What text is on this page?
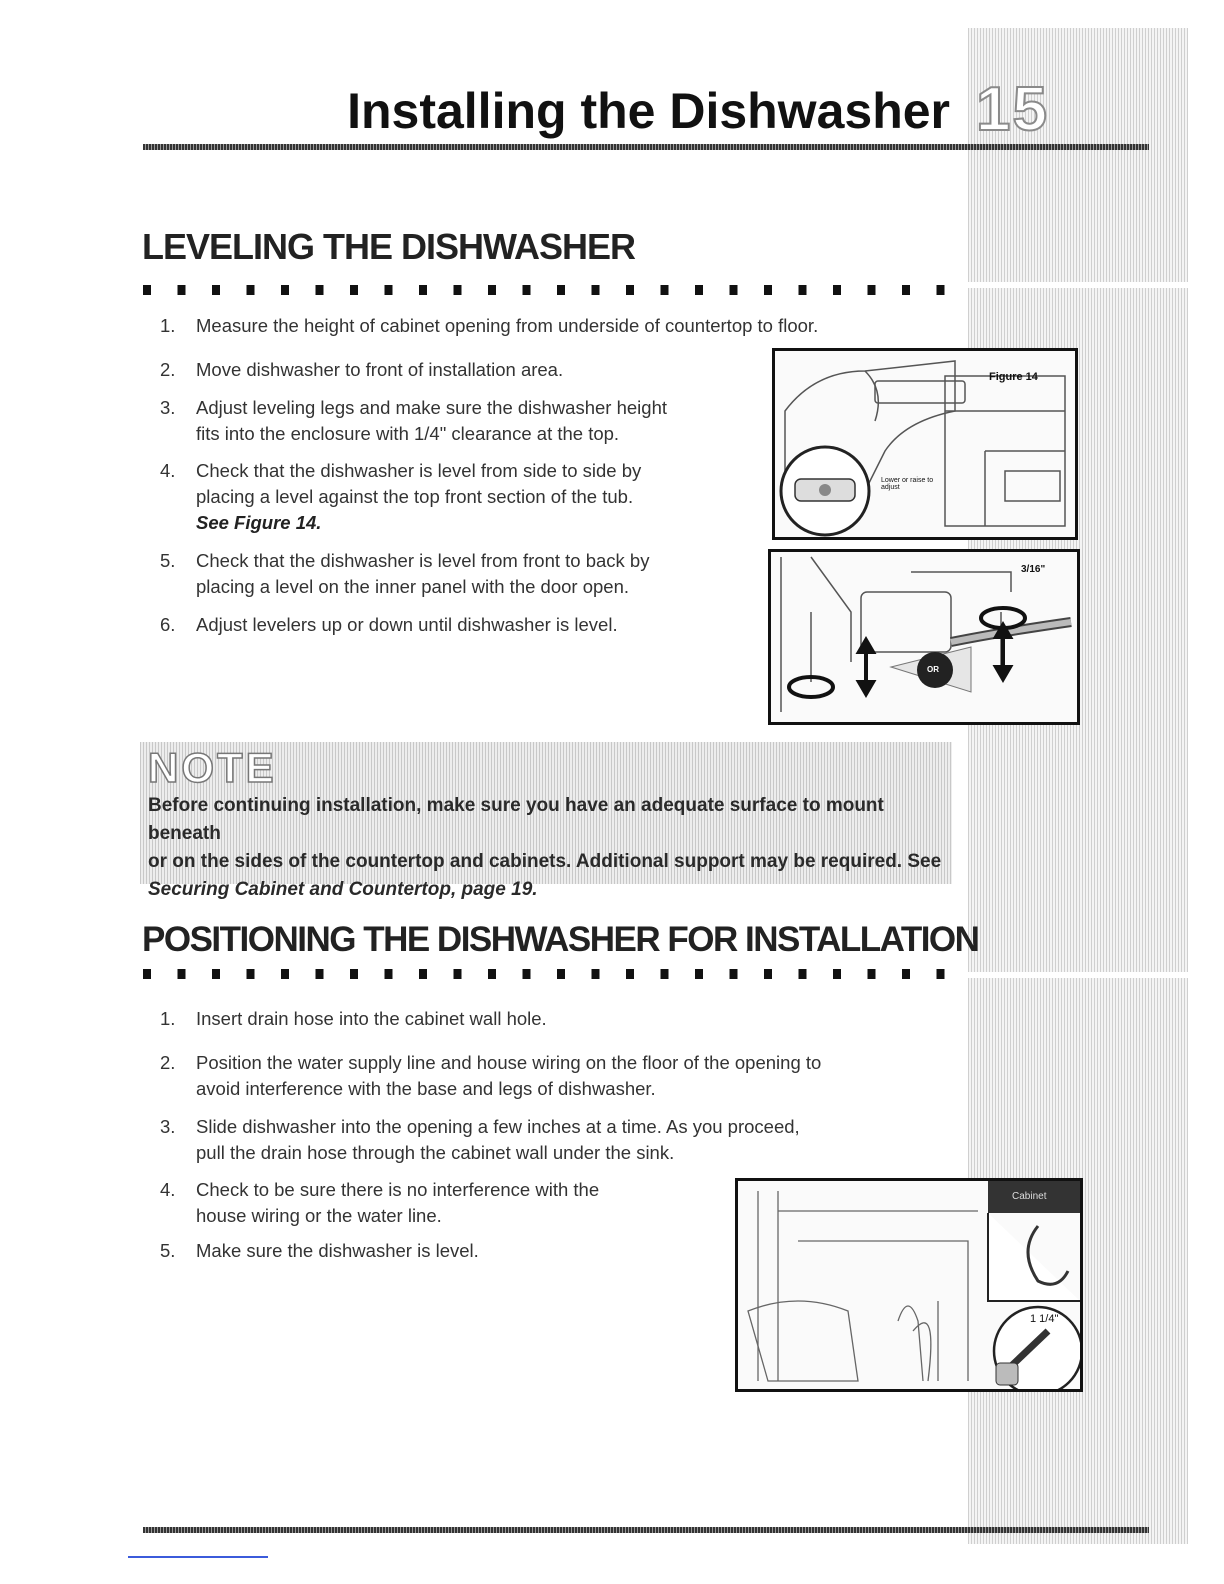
15
Installing the Dishwasher
LEVELING THE DISHWASHER
1.	Measure the height of cabinet opening from underside of countertop to floor.
2.	Move dishwasher to front of installation area.
3.	Adjust leveling legs and make sure the dishwasher height
fits into the enclosure with 1/4" clearance at the top.
4.	Check that the dishwasher is level from side to side by
placing a level against the top front section of the tub.
See Figure 14.
5.	Check that the dishwasher is level from front to back by
placing a level on the inner panel with the door open.
6.	Adjust levelers up or down until dishwasher is level.
Figure 14
Lower or raise to adjust
3/16"
OR
NOTE
Before continuing installation, make sure you have an adequate surface to mount beneath
or on the sides of the countertop and cabinets. Additional support may be required. See
Securing Cabinet and Countertop, page 19.
POSITIONING THE DISHWASHER FOR INSTALLATION
1.	Insert drain hose into the cabinet wall hole.
2.	Position the water supply line and house wiring on the floor of the opening to
avoid interference with the base and legs of dishwasher.
3.	Slide dishwasher into the opening a few inches at a time. As you proceed,
pull the drain hose through the cabinet wall under the sink.
4.	Check to be sure there is no interference with the
house wiring or the water line.
5.	Make sure the dishwasher is level.
Cabinet
1 1/4"
